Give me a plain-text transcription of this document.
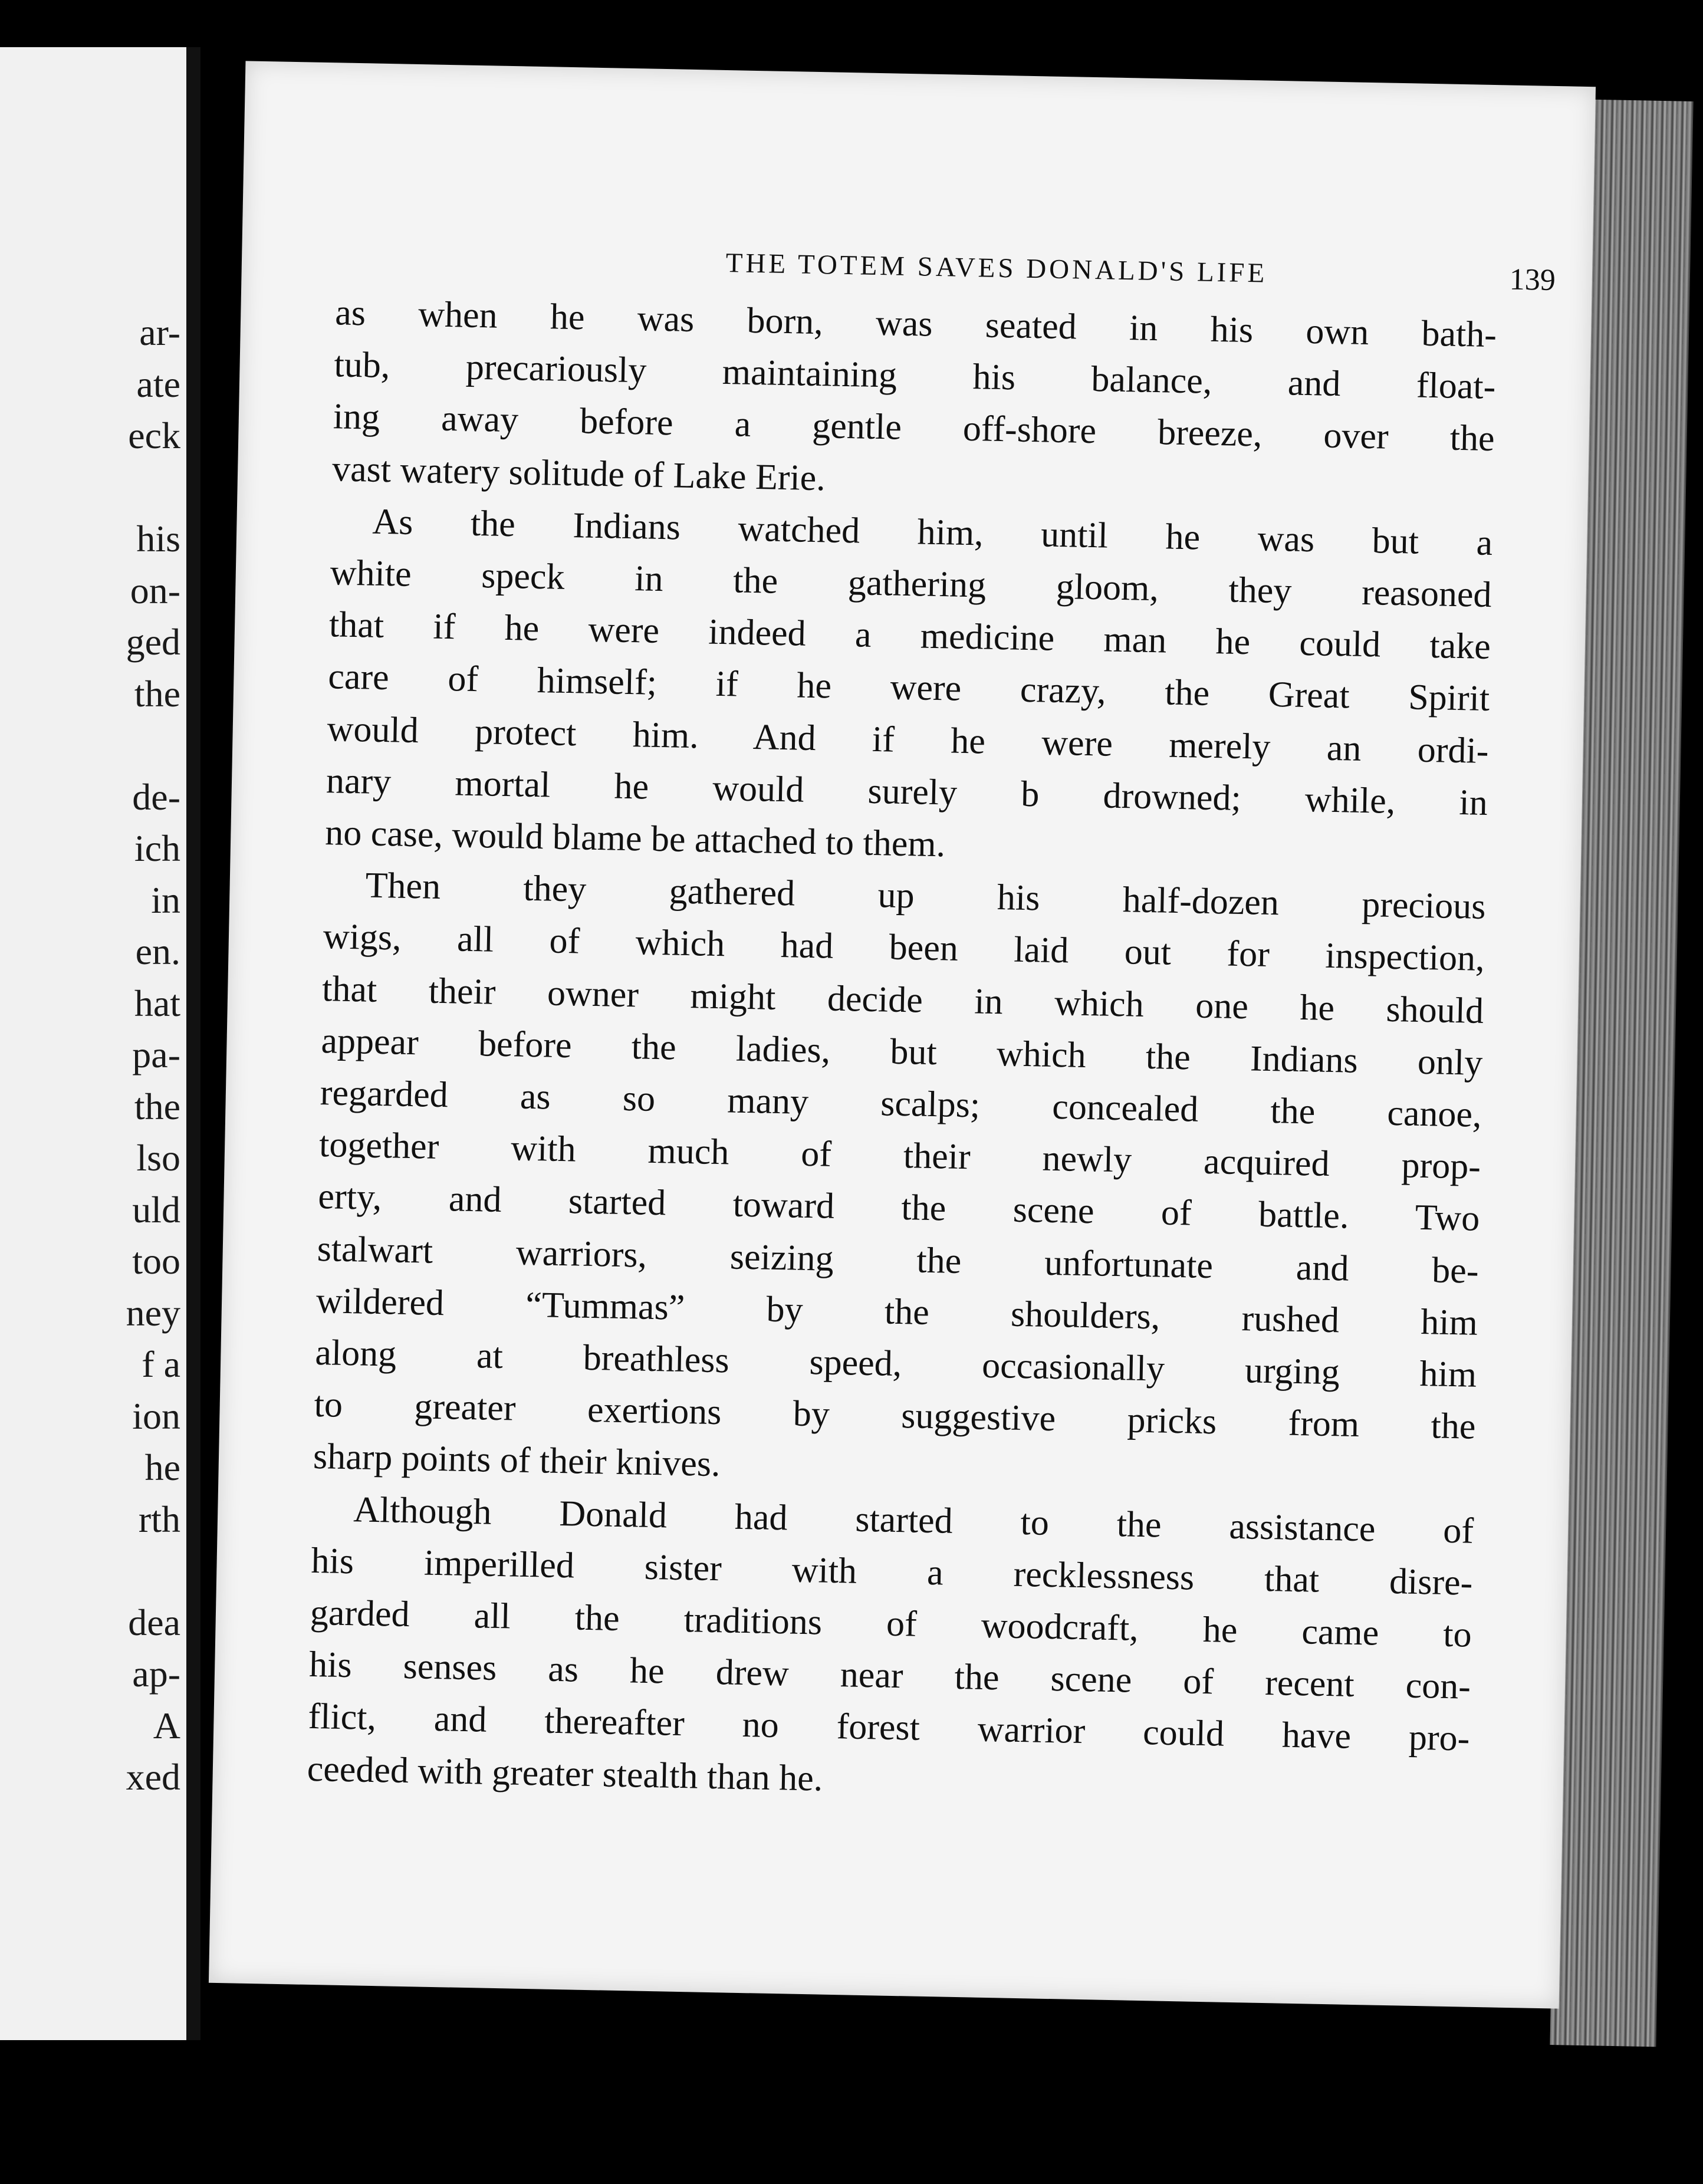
ar-
ate
eck
his
on-
ged
the
de-
ich
in
en.
hat
pa-
the
lso
uld
too
ney
f a
ion
he
rth
dea
ap-
A
xed
THE TOTEM SAVES DONALD'S LIFE	139

as when he was born, was seated in his own bath-
tub, precariously maintaining his balance, and float-
ing away before a gentle off-shore breeze, over the
vast watery solitude of Lake Erie.

As the Indians watched him, until he was but a
white speck in the gathering gloom, they reasoned
that if he were indeed a medicine man he could take
care of himself; if he were crazy, the Great Spirit
would protect him. And if he were merely an ordi-
nary mortal he would surely b drowned; while, in
no case, would blame be attached to them.

Then they gathered up his half-dozen precious
wigs, all of which had been laid out for inspection,
that their owner might decide in which one he should
appear before the ladies, but which the Indians only
regarded as so many scalps; concealed the canoe,
together with much of their newly acquired prop-
erty, and started toward the scene of battle. Two
stalwart warriors, seizing the unfortunate and be-
wildered “Tummas” by the shoulders, rushed him
along at breathless speed, occasionally urging him
to greater exertions by suggestive pricks from the
sharp points of their knives.

Although Donald had started to the assistance of
his imperilled sister with a recklessness that disre-
garded all the traditions of woodcraft, he came to
his senses as he drew near the scene of recent con-
flict, and thereafter no forest warrior could have pro-
ceeded with greater stealth than he.
